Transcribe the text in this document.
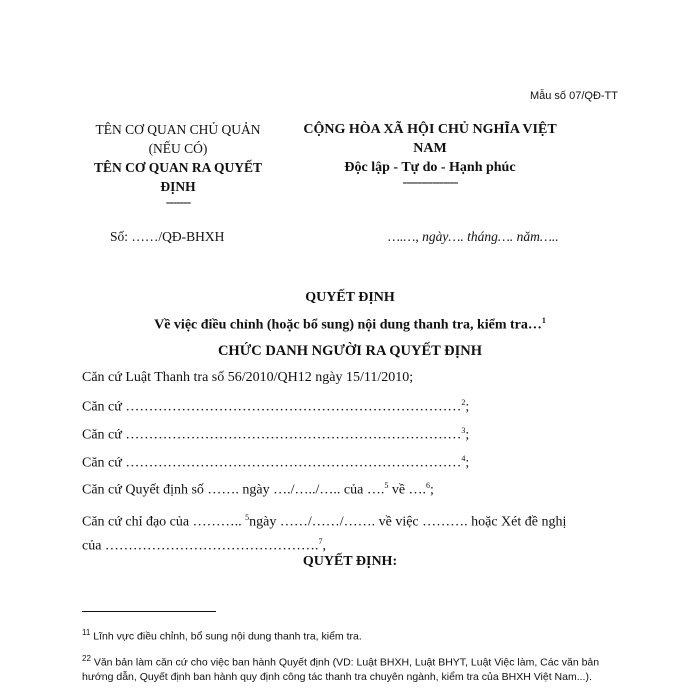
Mẫu số 07/QĐ-TT
TÊN CƠ QUAN CHỦ QUẢN
(NẾU CÓ)
TÊN CƠ QUAN RA QUYẾT
ĐỊNH
-------
CỘNG HÒA XÃ HỘI CHỦ NGHĨA VIỆT
NAM
Độc lập - Tự do - Hạnh phúc
---------------
Số: ……/QĐ-BHXH	….…, ngày…. tháng…. năm…..
QUYẾT ĐỊNH
Về việc điều chỉnh (hoặc bổ sung) nội dung thanh tra, kiểm tra…$^1$
CHỨC DANH NGƯỜI RA QUYẾT ĐỊNH
Căn cứ Luật Thanh tra số 56/2010/QH12 ngày 15/11/2010;
Căn cứ ………………………………………………………………$^2$;
Căn cứ ………………………………………………………………$^3$;
Căn cứ ………………………………………………………………$^4$;
Căn cứ Quyết định số ……. ngày …./…../….. của ….$^5$ về ….$^6$;
Căn cứ chỉ đạo của ……….. $^5$ngày ……/……/……. về việc ………. hoặc Xét đề nghị
của ……………………………………….$^7$,
QUYẾT ĐỊNH:
$^{11}$ Lĩnh vực điều chỉnh, bổ sung nội dung thanh tra, kiểm tra.
$^{22}$ Văn bản làm căn cứ cho việc ban hành Quyết định (VD: Luật BHXH, Luật BHYT, Luật Việc làm, Các văn bản hướng dẫn, Quyết định ban hành quy định công tác thanh tra chuyên ngành, kiểm tra của BHXH Việt Nam...).
